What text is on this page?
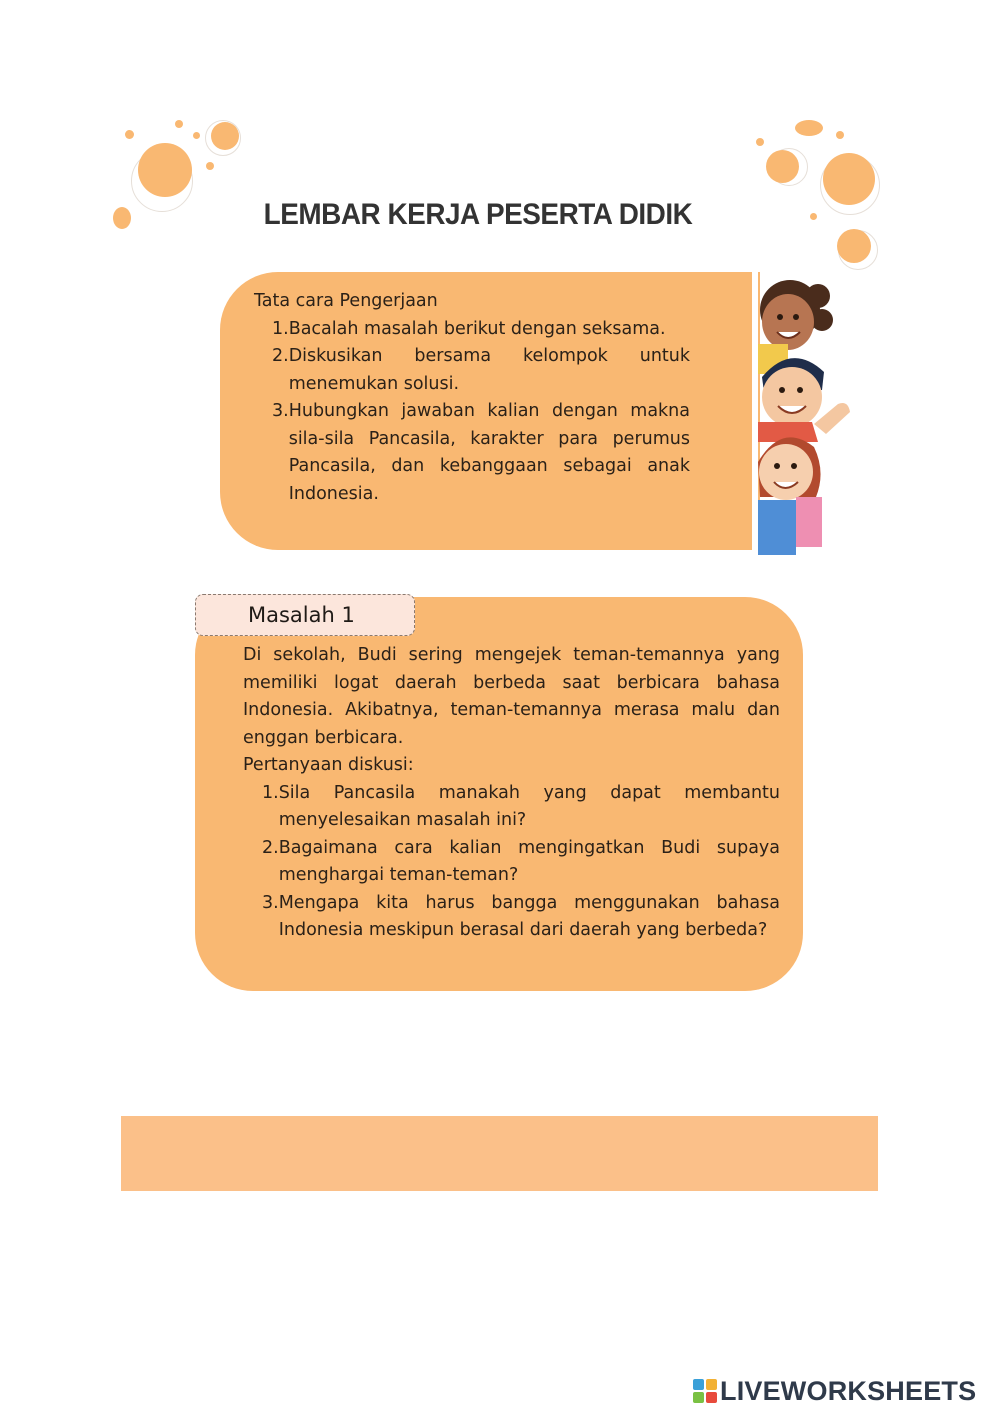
LEMBAR KERJA PESERTA DIDIK
Tata cara Pengerjaan
1. Bacalah masalah berikut dengan seksama.
2. Diskusikan bersama kelompok untuk menemukan solusi.
3. Hubungkan jawaban kalian dengan makna sila-sila Pancasila, karakter para perumus Pancasila, dan kebanggaan sebagai anak Indonesia.
Masalah 1
Di sekolah, Budi sering mengejek teman-temannya yang memiliki logat daerah berbeda saat berbicara bahasa Indonesia. Akibatnya, teman-temannya merasa malu dan enggan berbicara.
Pertanyaan diskusi:
1. Sila Pancasila manakah yang dapat membantu menyelesaikan masalah ini?
2. Bagaimana cara kalian mengingatkan Budi supaya menghargai teman-teman?
3. Mengapa kita harus bangga menggunakan bahasa Indonesia meskipun berasal dari daerah yang berbeda?
LIVEWORKSHEETS
